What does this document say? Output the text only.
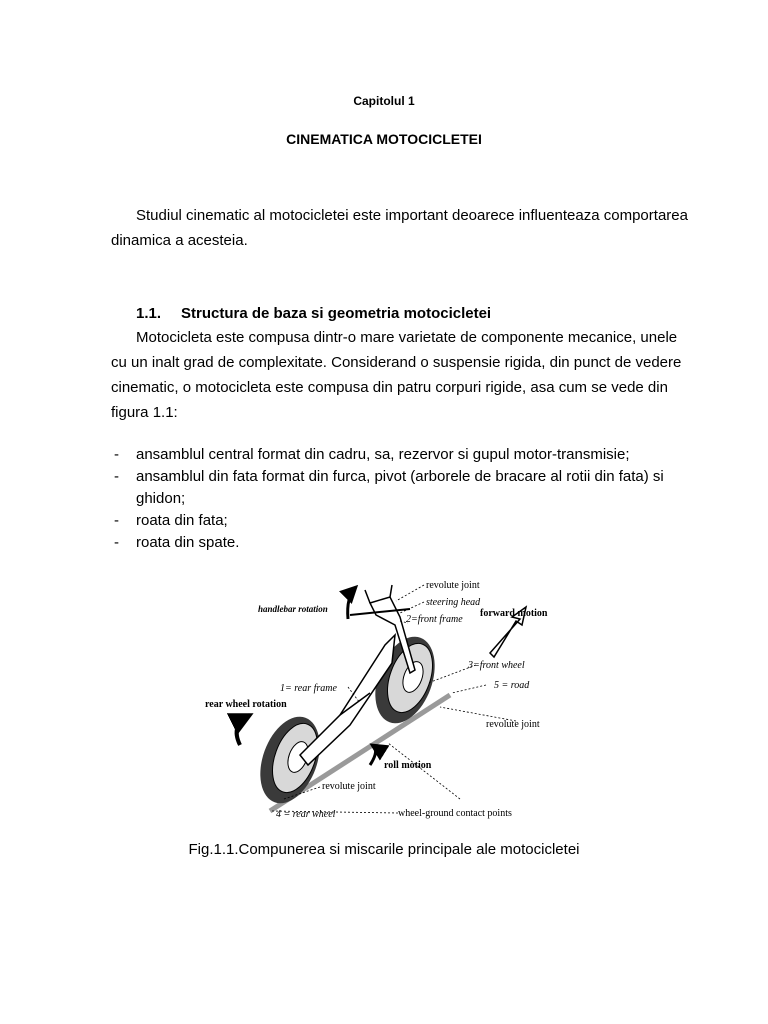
Capitolul 1
CINEMATICA MOTOCICLETEI
Studiul cinematic al motocicletei este important deoarece influenteaza comportarea dinamica a acesteia.
1.1. Structura de baza si geometria motocicletei
Motocicleta este compusa dintr-o mare varietate de componente mecanice, unele cu un inalt grad de complexitate. Considerand o suspensie rigida, din punct de vedere cinematic, o motocicleta este compusa din patru corpuri rigide, asa cum se vede din figura 1.1:
- ansamblul central format din cadru, sa, rezervor si gupul motor-transmisie;
- ansamblul din fata format din furca, pivot (arborele de bracare al rotii din fata) si ghidon;
- roata din fata;
- roata din spate.
revolute joint
steering head
handlebar rotation
2=front frame
forward motion
3=front wheel
1= rear frame	5 = road
rear wheel rotation
revolute joint
roll motion
revolute joint
4 = rear wheel	wheel-ground contact points
Fig.1.1.Compunerea si miscarile principale ale motocicletei
